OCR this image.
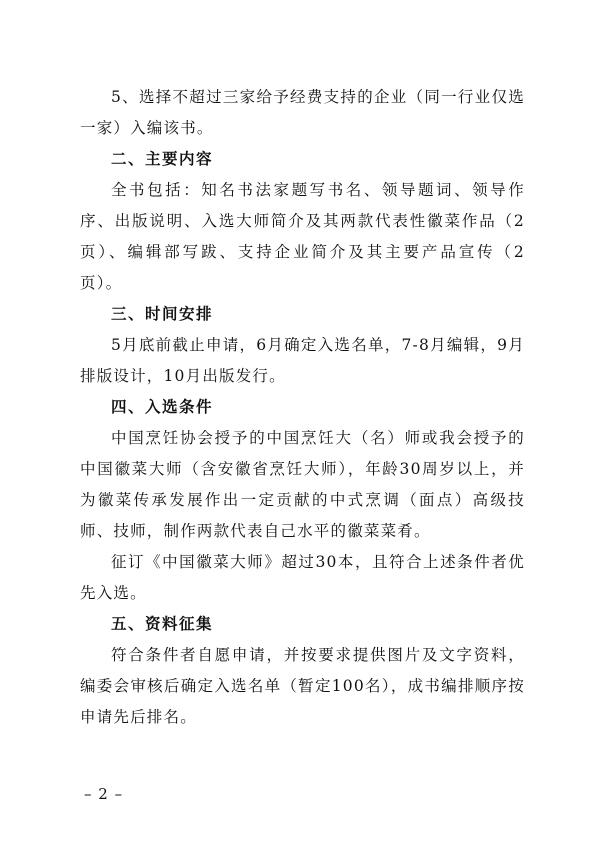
5、选择不超过三家给予经费支持的企业（同一行业仅选一家）入编该书。

二、主要内容

全书包括：知名书法家题写书名、领导题词、领导作序、出版说明、入选大师简介及其两款代表性徽菜作品（2页）、编辑部写跋、支持企业简介及其主要产品宣传（2页）。

三、时间安排

5月底前截止申请，6月确定入选名单，7-8月编辑，9月排版设计，10月出版发行。

四、入选条件

中国烹饪协会授予的中国烹饪大（名）师或我会授予的中国徽菜大师（含安徽省烹饪大师），年龄30周岁以上，并为徽菜传承发展作出一定贡献的中式烹调（面点）高级技师、技师，制作两款代表自己水平的徽菜菜肴。

征订《中国徽菜大师》超过30本，且符合上述条件者优先入选。

五、资料征集

符合条件者自愿申请，并按要求提供图片及文字资料，编委会审核后确定入选名单（暂定100名），成书编排顺序按申请先后排名。

– 2 –
